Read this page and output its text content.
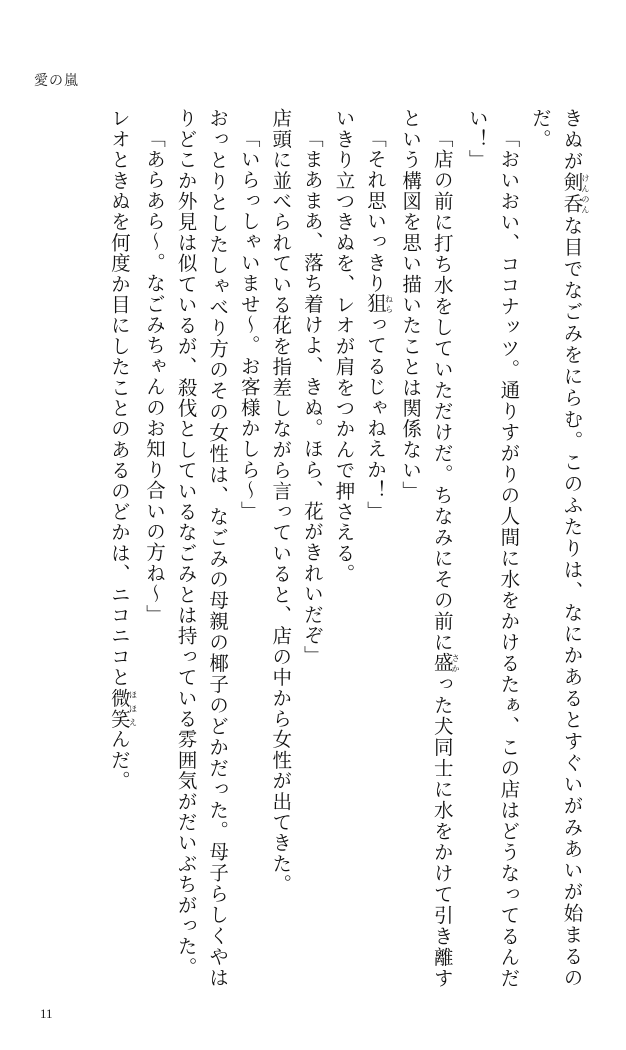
愛の嵐

きぬが剣呑 けんのんな目でなごみをにらむ。このふたりは、なにかあるとすぐいがみあいが始まるのだ。

「おいおい、ココナッツ。通りすがりの人間に水をかけるたぁ、この店はどうなってるんだい！」

「店の前に打ち水をしていただけだ。ちなみにその前に盛 さかった犬同士に水をかけて引き離すという構図を思い描いたことは関係ない」

「それ思いっきり狙 ねらってるじゃねえか！」

いきり立つきぬを、レオが肩をつかんで押さえる。

「まあまあ、落ち着けよ、きぬ。ほら、花がきれいだぞ」

店頭に並べられている花を指差しながら言っていると、店の中から女性が出てきた。

「いらっしゃいませ～。お客様かしら～」

おっとりとしたしゃべり方のその女性は、なごみの母親の椰子のどかだった。母子らしくやはりどこか外見は似ているが、殺伐としているなごみとは持っている雰囲気がだいぶちがった。

「あらあら～。なごみちゃんのお知り合いの方ね～」

レオときぬを何度か目にしたことのあるのどかは、ニコニコと微笑 ほほえんだ。

11
